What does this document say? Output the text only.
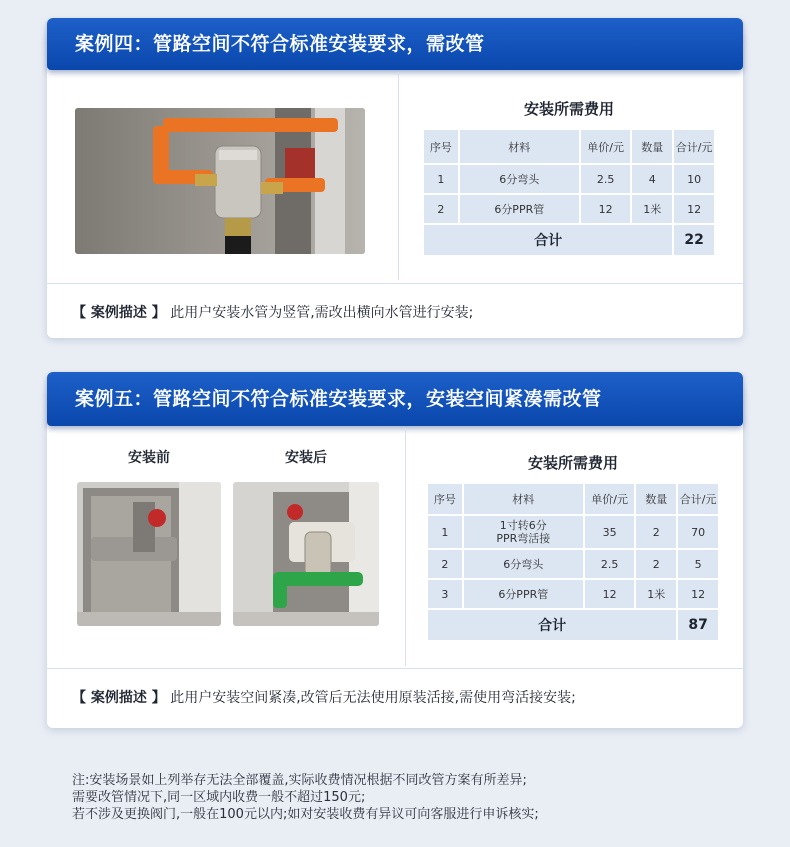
案例四：管路空间不符合标准安装要求，需改管
安装所需费用
序号	材料	单价/元	数量	合计/元
1	6分弯头	2.5	4	10
2	6分PPR管	12	1米	12
合计				22
【 案例描述 】 此用户安装水管为竖管,需改出横向水管进行安装;
案例五：管路空间不符合标准安装要求，安装空间紧凑需改管
安装前	安装后	安装所需费用
序号	材料	单价/元	数量	合计/元
1	1寸转6分
PPR弯活接	35	2	70
2	6分弯头	2.5	2	5
3	6分PPR管	12	1米	12
合计				87
【 案例描述 】 此用户安装空间紧凑,改管后无法使用原装活接,需使用弯活接安装;
注:安装场景如上列举存无法全部覆盖,实际收费情况根据不同改管方案有所差异;
需要改管情况下,同一区域内收费一般不超过150元;
若不涉及更换阀门,一般在100元以内;如对安装收费有异议可向客服进行申诉核实;
